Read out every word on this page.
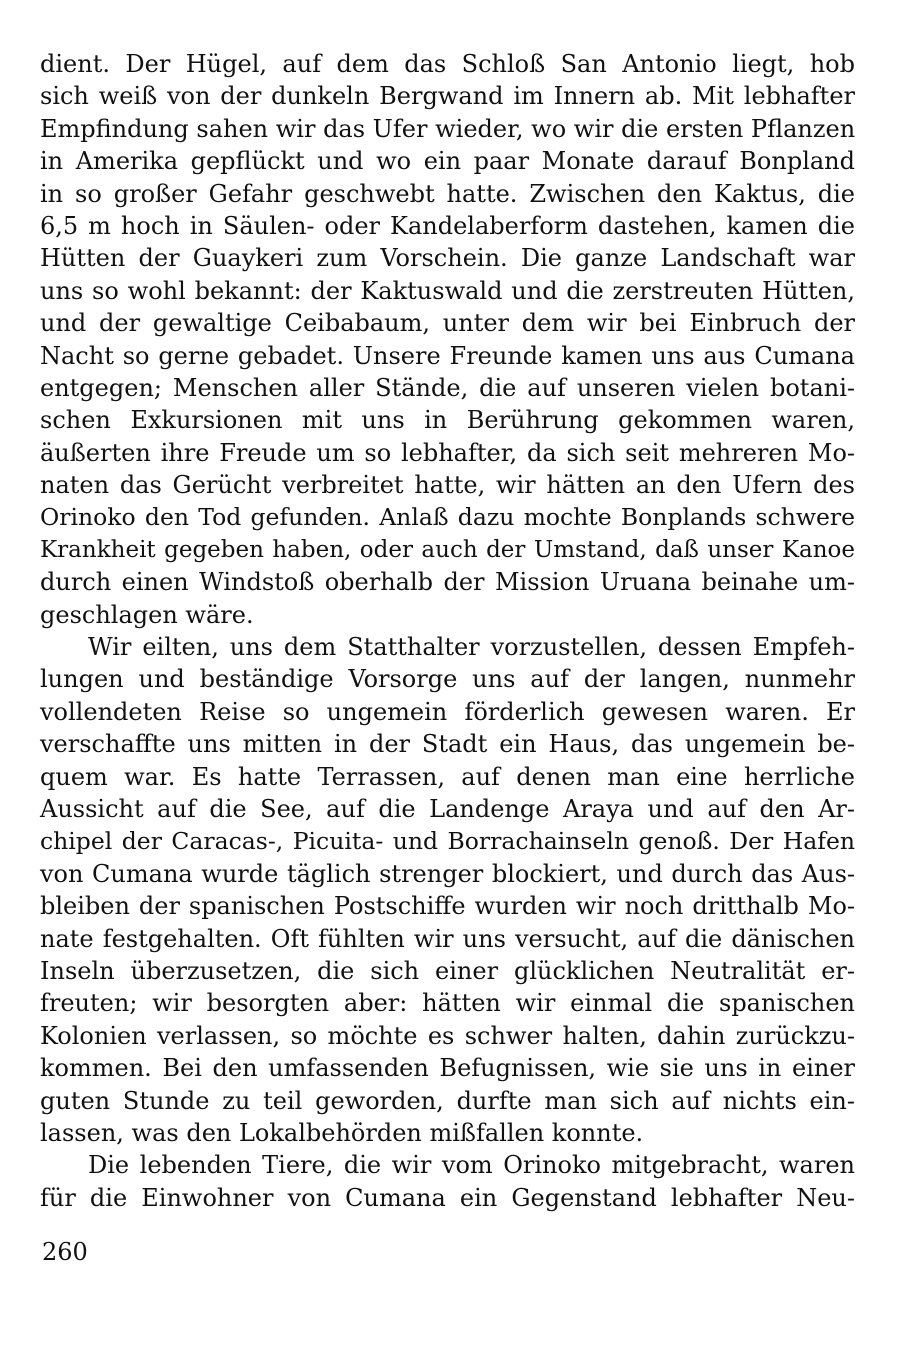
dient. Der Hügel, auf dem das Schloß San Antonio liegt, hob
sich weiß von der dunkeln Bergwand im Innern ab. Mit lebhafter
Empfindung sahen wir das Ufer wieder, wo wir die ersten Pflanzen
in Amerika gepflückt und wo ein paar Monate darauf Bonpland
in so großer Gefahr geschwebt hatte. Zwischen den Kaktus, die
6,5 m hoch in Säulen- oder Kandelaberform dastehen, kamen die
Hütten der Guaykeri zum Vorschein. Die ganze Landschaft war
uns so wohl bekannt: der Kaktuswald und die zerstreuten Hütten,
und der gewaltige Ceibabaum, unter dem wir bei Einbruch der
Nacht so gerne gebadet. Unsere Freunde kamen uns aus Cumana
entgegen; Menschen aller Stände, die auf unseren vielen botani-
schen Exkursionen mit uns in Berührung gekommen waren,
äußerten ihre Freude um so lebhafter, da sich seit mehreren Mo-
naten das Gerücht verbreitet hatte, wir hätten an den Ufern des
Orinoko den Tod gefunden. Anlaß dazu mochte Bonplands schwere
Krankheit gegeben haben, oder auch der Umstand, daß unser Kanoe
durch einen Windstoß oberhalb der Mission Uruana beinahe um-
geschlagen wäre.
Wir eilten, uns dem Statthalter vorzustellen, dessen Empfeh-
lungen und beständige Vorsorge uns auf der langen, nunmehr
vollendeten Reise so ungemein förderlich gewesen waren. Er
verschaffte uns mitten in der Stadt ein Haus, das ungemein be-
quem war. Es hatte Terrassen, auf denen man eine herrliche
Aussicht auf die See, auf die Landenge Araya und auf den Ar-
chipel der Caracas-, Picuita- und Borrachainseln genoß. Der Hafen
von Cumana wurde täglich strenger blockiert, und durch das Aus-
bleiben der spanischen Postschiffe wurden wir noch dritthalb Mo-
nate festgehalten. Oft fühlten wir uns versucht, auf die dänischen
Inseln überzusetzen, die sich einer glücklichen Neutralität er-
freuten; wir besorgten aber: hätten wir einmal die spanischen
Kolonien verlassen, so möchte es schwer halten, dahin zurückzu-
kommen. Bei den umfassenden Befugnissen, wie sie uns in einer
guten Stunde zu teil geworden, durfte man sich auf nichts ein-
lassen, was den Lokalbehörden mißfallen konnte.
Die lebenden Tiere, die wir vom Orinoko mitgebracht, waren
für die Einwohner von Cumana ein Gegenstand lebhafter Neu-
260
